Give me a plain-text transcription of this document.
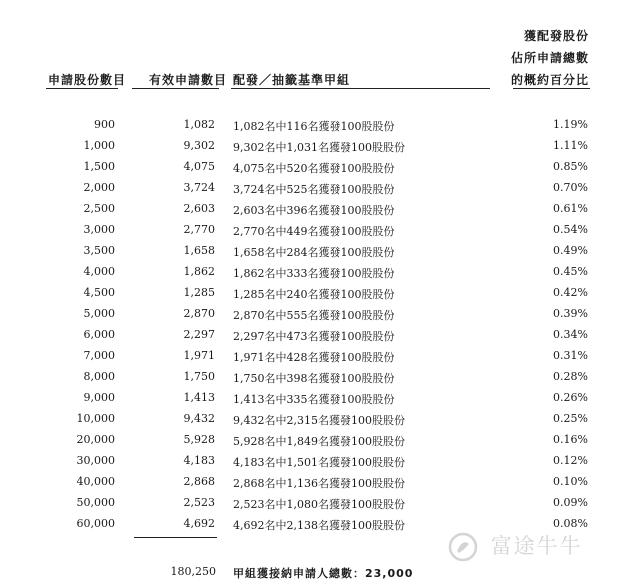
申請股份數目 有效申請數目 配發／抽籤基準甲組
獲配發股份
佔所申請總數
的概約百分比
900	1,082 1,082名中116名獲發100股股份	1.19%
1,000	9,302 9,302名中1,031名獲發100股股份	1.11%
1,500	4,075 4,075名中520名獲發100股股份	0.85%
2,000	3,724 3,724名中525名獲發100股股份	0.70%
2,500	2,603 2,603名中396名獲發100股股份	0.61%
3,000	2,770 2,770名中449名獲發100股股份	0.54%
3,500	1,658 1,658名中284名獲發100股股份	0.49%
4,000	1,862 1,862名中333名獲發100股股份	0.45%
4,500	1,285 1,285名中240名獲發100股股份	0.42%
5,000	2,870 2,870名中555名獲發100股股份	0.39%
6,000	2,297 2,297名中473名獲發100股股份	0.34%
7,000	1,971 1,971名中428名獲發100股股份	0.31%
8,000	1,750 1,750名中398名獲發100股股份	0.28%
9,000	1,413 1,413名中335名獲發100股股份	0.26%
10,000	9,432 9,432名中2,315名獲發100股股份	0.25%
20,000	5,928 5,928名中1,849名獲發100股股份	0.16%
30,000	4,183 4,183名中1,501名獲發100股股份	0.12%
40,000	2,868 2,868名中1,136名獲發100股股份	0.10%
50,000	2,523 2,523名中1,080名獲發100股股份	0.09%
60,000	4,692 4,692名中2,138名獲發100股股份	0.08%
180,250 甲組獲接納申請人總數：23,000
富途牛牛
